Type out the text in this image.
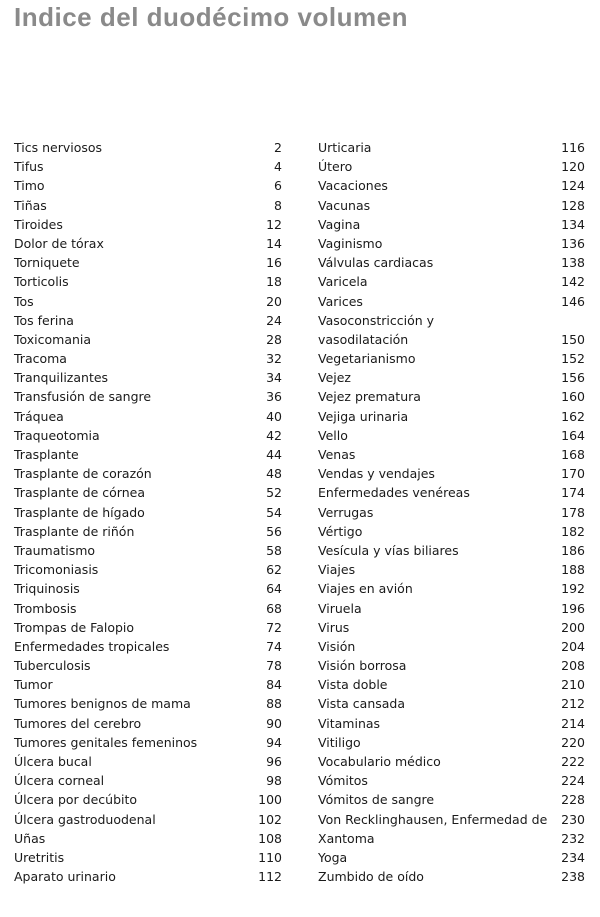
Indice del duodécimo volumen
Tics nerviosos	2
Tifus	4
Timo	6
Tiñas	8
Tiroides	12
Dolor de tórax	14
Torniquete	16
Torticolis	18
Tos	20
Tos ferina	24
Toxicomania	28
Tracoma	32
Tranquilizantes	34
Transfusión de sangre	36
Tráquea	40
Traqueotomia	42
Trasplante	44
Trasplante de corazón	48
Trasplante de córnea	52
Trasplante de hígado	54
Trasplante de riñón	56
Traumatismo	58
Tricomoniasis	62
Triquinosis	64
Trombosis	68
Trompas de Falopio	72
Enfermedades tropicales	74
Tuberculosis	78
Tumor	84
Tumores benignos de mama	88
Tumores del cerebro	90
Tumores genitales femeninos	94
Úlcera bucal	96
Úlcera corneal	98
Úlcera por decúbito	100
Úlcera gastroduodenal	102
Uñas	108
Uretritis	110
Aparato urinario	112
Urticaria	116
Útero	120
Vacaciones	124
Vacunas	128
Vagina	134
Vaginismo	136
Válvulas cardiacas	138
Varicela	142
Varices	146
Vasoconstricción y
vasodilatación	150
Vegetarianismo	152
Vejez	156
Vejez prematura	160
Vejiga urinaria	162
Vello	164
Venas	168
Vendas y vendajes	170
Enfermedades venéreas	174
Verrugas	178
Vértigo	182
Vesícula y vías biliares	186
Viajes	188
Viajes en avión	192
Viruela	196
Virus	200
Visión	204
Visión borrosa	208
Vista doble	210
Vista cansada	212
Vitaminas	214
Vitiligo	220
Vocabulario médico	222
Vómitos	224
Vómitos de sangre	228
Von Recklinghausen, Enfermedad de 230
Xantoma	232
Yoga	234
Zumbido de oído	238
